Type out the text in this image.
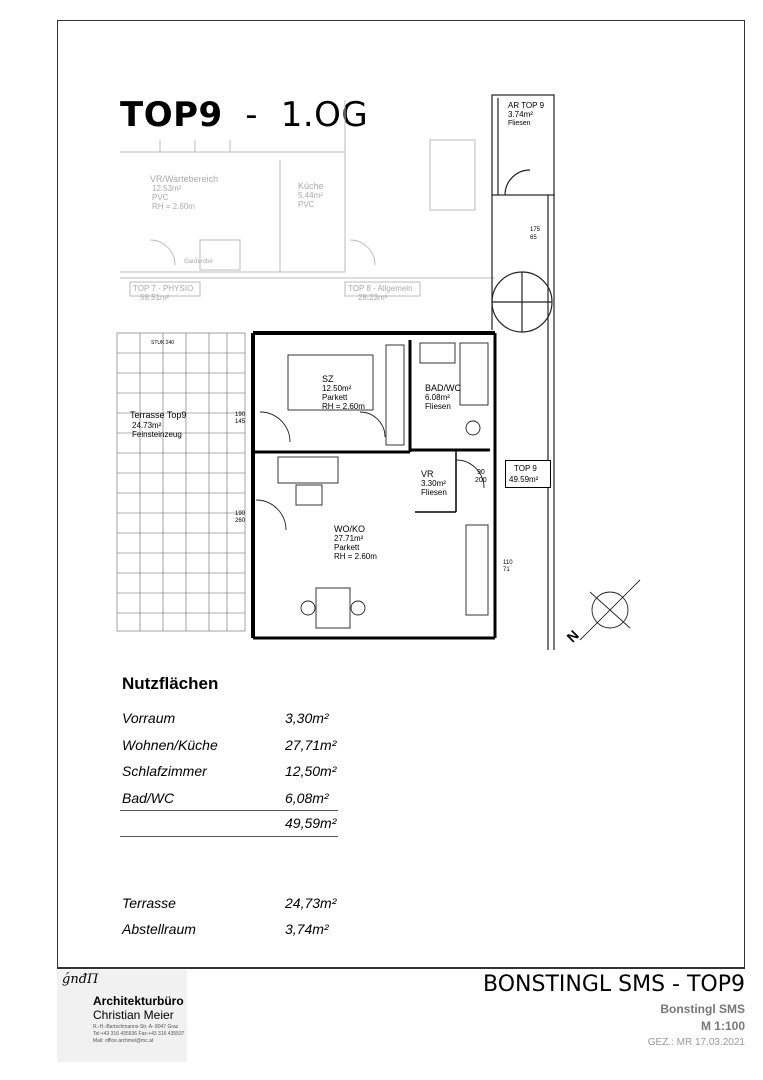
TOP9 - 1.OG
VR/Wartebereich
12.53m²
PVC
RH = 2.60m
Küche
5.44m²
PVC
Garderobe
TOP 7 - PHYSIO
58.51m²
TOP 8 - Allgemein
28.23m²
AR TOP 9
3.74m²
Fliesen
175
65
STUK 240
Terrasse Top9
24.73m²
Feinsteinzeug
190
145
190
260
SZ
12.50m²
Parkett
RH = 2.60m
BAD/WC
6.08m²
Fliesen
VR
3.30m²
Fliesen
90
200
TOP 9
49.59m²
WO/KO
27.71m²
Parkett
RH = 2.60m
110
71
N
Nutzflächen
Vorraum	3,30m²
Wohnen/Küche	27,71m²
Schlafzimmer	12,50m²
Bad/WC	6,08m²
49,59m²
Terrasse	24,73m²
Abstellraum	3,74m²
ǵnđΠ
Architekturbüro
Christian Meier
R.-H.-Bartschmanns-Str. A- 8047 Graz
Tel:+43 316 435536 Fax:+43 316 435537
Mail: office.archmei@mc.at
BONSTINGL SMS - TOP9
Bonstingl SMS
M 1:100
GEZ.: MR 17.03.2021
